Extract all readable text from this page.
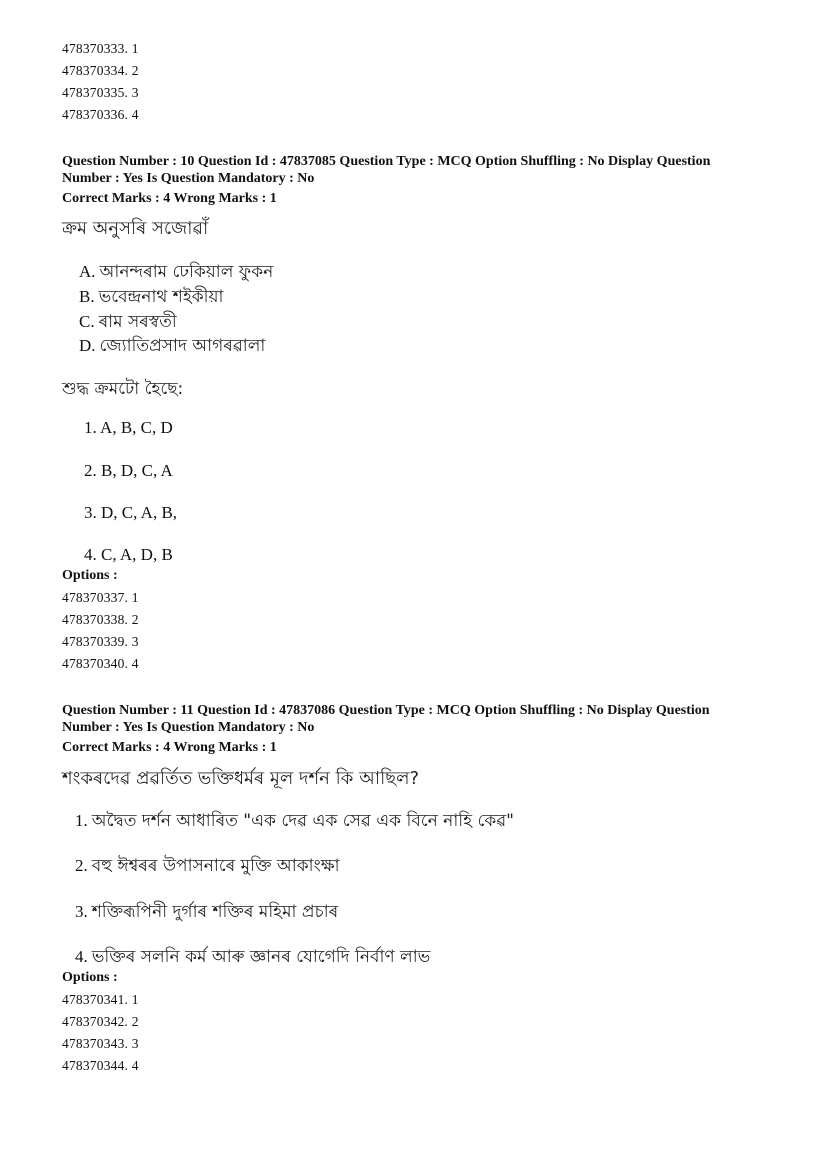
478370333. 1
478370334. 2
478370335. 3
478370336. 4
Question Number : 10 Question Id : 47837085 Question Type : MCQ Option Shuffling : No Display Question
Number : Yes Is Question Mandatory : No
Correct Marks : 4 Wrong Marks : 1
ক্ৰম অনুসৰি সজোৱাঁ
A. আনন্দৰাম ঢেকিয়াল ফুকন
B. ভবেন্দ্ৰনাথ শইকীয়া
C. ৰাম সৰস্বতী
D. জ্যোতিপ্ৰসাদ আগৰৱালা
শুদ্ধ ক্ৰমটো হৈছে:
1. A, B, C, D
2. B, D, C, A
3. D, C, A, B,
4. C, A, D, B
Options :
478370337. 1
478370338. 2
478370339. 3
478370340. 4
Question Number : 11 Question Id : 47837086 Question Type : MCQ Option Shuffling : No Display Question
Number : Yes Is Question Mandatory : No
Correct Marks : 4 Wrong Marks : 1
শংকৰদেৱ প্ৰৱৰ্তিত ভক্তিধৰ্মৰ মূল দৰ্শন কি আছিল?
1. অদ্বৈত দৰ্শন আধাৰিত "এক দেৱ এক সেৱ এক বিনে নাহি কেৱ"
2. বহু ঈশ্বৰৰ উপাসনাৰে মুক্তি আকাংক্ষা
3. শক্তিৰূপিনী দুৰ্গাৰ শক্তিৰ মহিমা প্ৰচাৰ
4. ভক্তিৰ সলনি কৰ্ম আৰু জ্ঞানৰ যোগেদি নিৰ্বাণ লাভ
Options :
478370341. 1
478370342. 2
478370343. 3
478370344. 4
